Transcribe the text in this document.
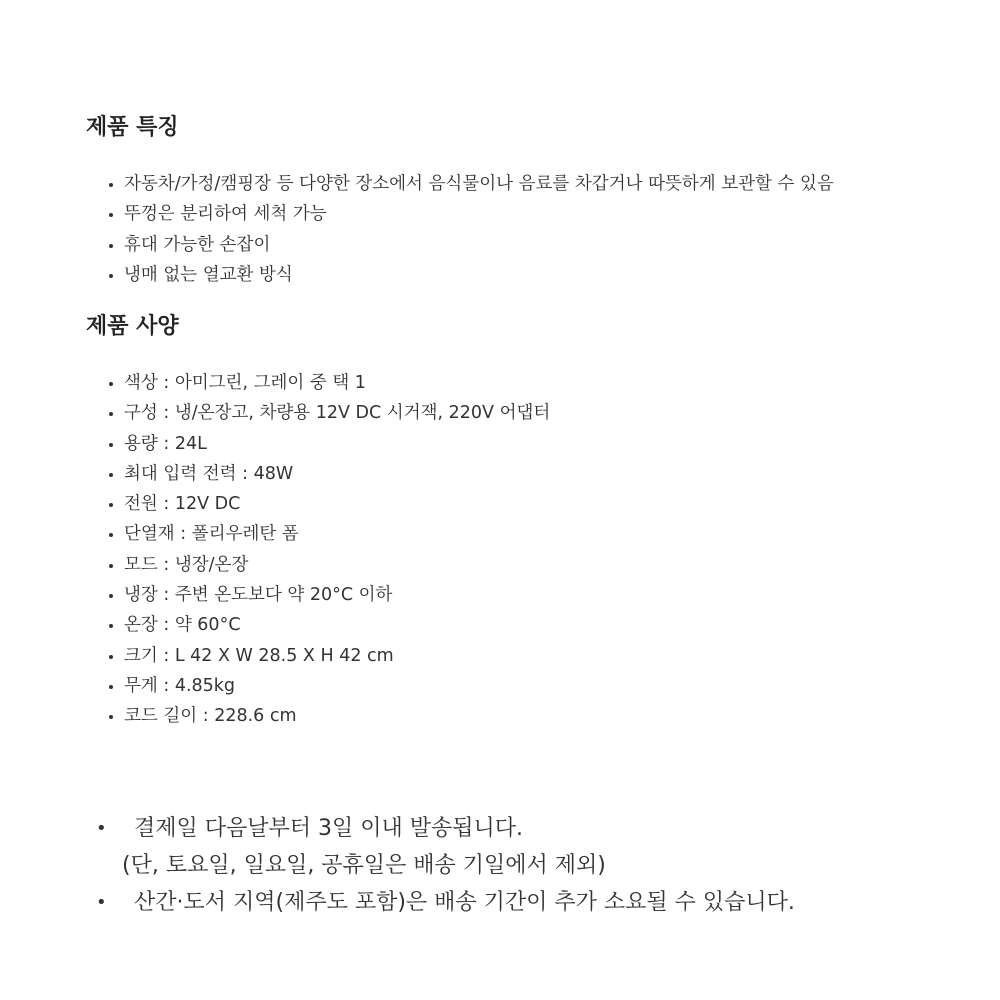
제품 특징
• 자동차/가정/캠핑장 등 다양한 장소에서 음식물이나 음료를 차갑거나 따뜻하게 보관할 수 있음
• 뚜껑은 분리하여 세척 가능
• 휴대 가능한 손잡이
• 냉매 없는 열교환 방식
제품 사양
• 색상 : 아미그린, 그레이 중 택 1
• 구성 : 냉/온장고, 차량용 12V DC 시거잭, 220V 어댑터
• 용량 : 24L
• 최대 입력 전력 : 48W
• 전원 : 12V DC
• 단열재 : 폴리우레탄 폼
• 모드 : 냉장/온장
• 냉장 : 주변 온도보다 약 20°C 이하
• 온장 : 약 60°C
• 크기 : L 42 X W 28.5 X H 42 cm
• 무게 : 4.85kg
• 코드 길이 : 228.6 cm
• 결제일 다음날부터 3일 이내 발송됩니다.
(단, 토요일, 일요일, 공휴일은 배송 기일에서 제외)
• 산간·도서 지역(제주도 포함)은 배송 기간이 추가 소요될 수 있습니다.
